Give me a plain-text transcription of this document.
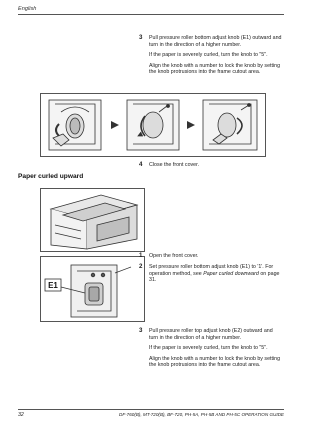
English
3 Pull pressure roller bottom adjust knob (E1) outward and turn in the direction of a higher number.

If the paper is severely curled, turn the knob to "5".

Align the knob with a number to lock the knob by setting the knob protrusions into the frame cutout area.

4 Close the front cover.

Paper curled upward
E1
1 Open the front cover.

2 Set pressure roller bottom adjust knob (E1) to '1'. For operation method, see Paper curled downward on page 31.

3 Pull pressure roller top adjust knob (E2) outward and turn in the direction of a higher number.

If the paper is severely curled, turn the knob to "5".

Align the knob with a number to lock the knob by setting the knob protrusions into the frame cutout area.

32	DF-760(B), MT-720(B), BF-720, PH-5A, PH-5B AND PH-5C OPERATION GUIDE
